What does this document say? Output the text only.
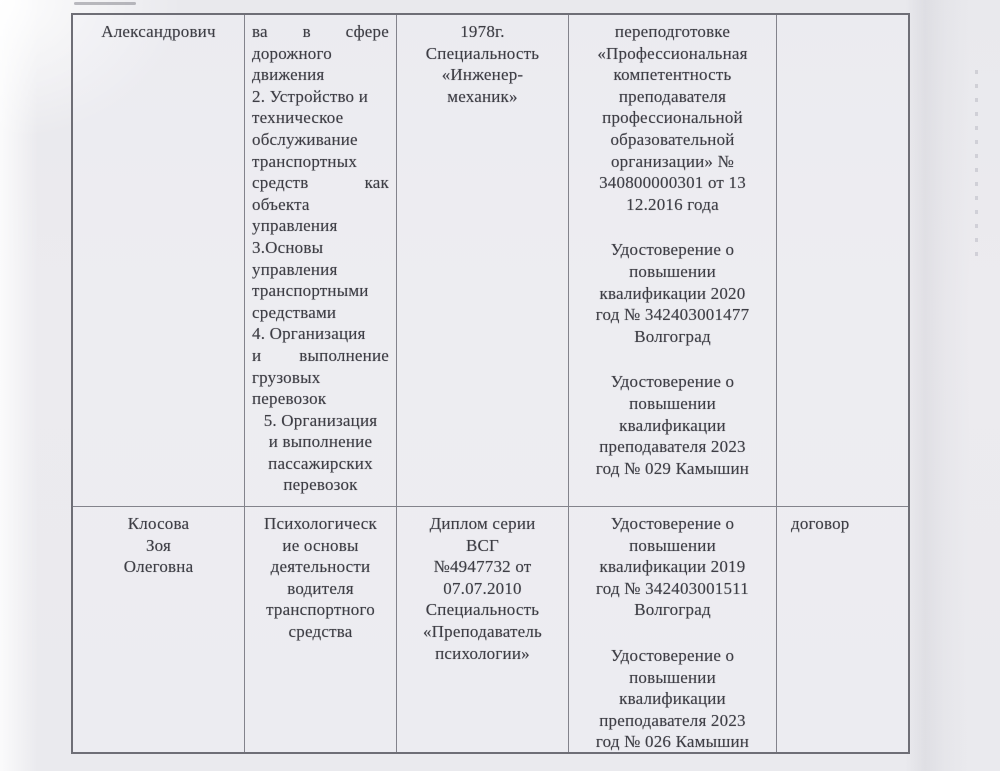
Александрович	ва в сфере
дорожного
движения
2. Устройство и
техническое
обслуживание
транспортных
средств	как
объекта
управления
3.Основы
управления
транспортными
средствами
4. Организация
и выполнение
грузовых
перевозок
5. Организация
и выполнение
пассажирских
перевозок
1978г.
Специальность
«Инженер-
механик»
переподготовке
«Профессиональная
компетентность
преподавателя
профессиональной
образовательной
организации» №
340800000301 от 13
12.2016 года
Удостоверение о
повышении
квалификации 2020
год № 342403001477
Волгоград
Удостоверение о
повышении
квалификации
преподавателя 2023
год № 029 Камышин
Клосова
Зоя
Олеговна
Психологическ
ие основы
деятельности
водителя
транспортного
средства
Диплом серии
ВСГ
№4947732 от
07.07.2010
Специальность
«Преподаватель
психологии»
Удостоверение о
повышении
квалификации 2019
год № 342403001511
Волгоград
Удостоверение о
повышении
квалификации
преподавателя 2023
год № 026 Камышин
договор
